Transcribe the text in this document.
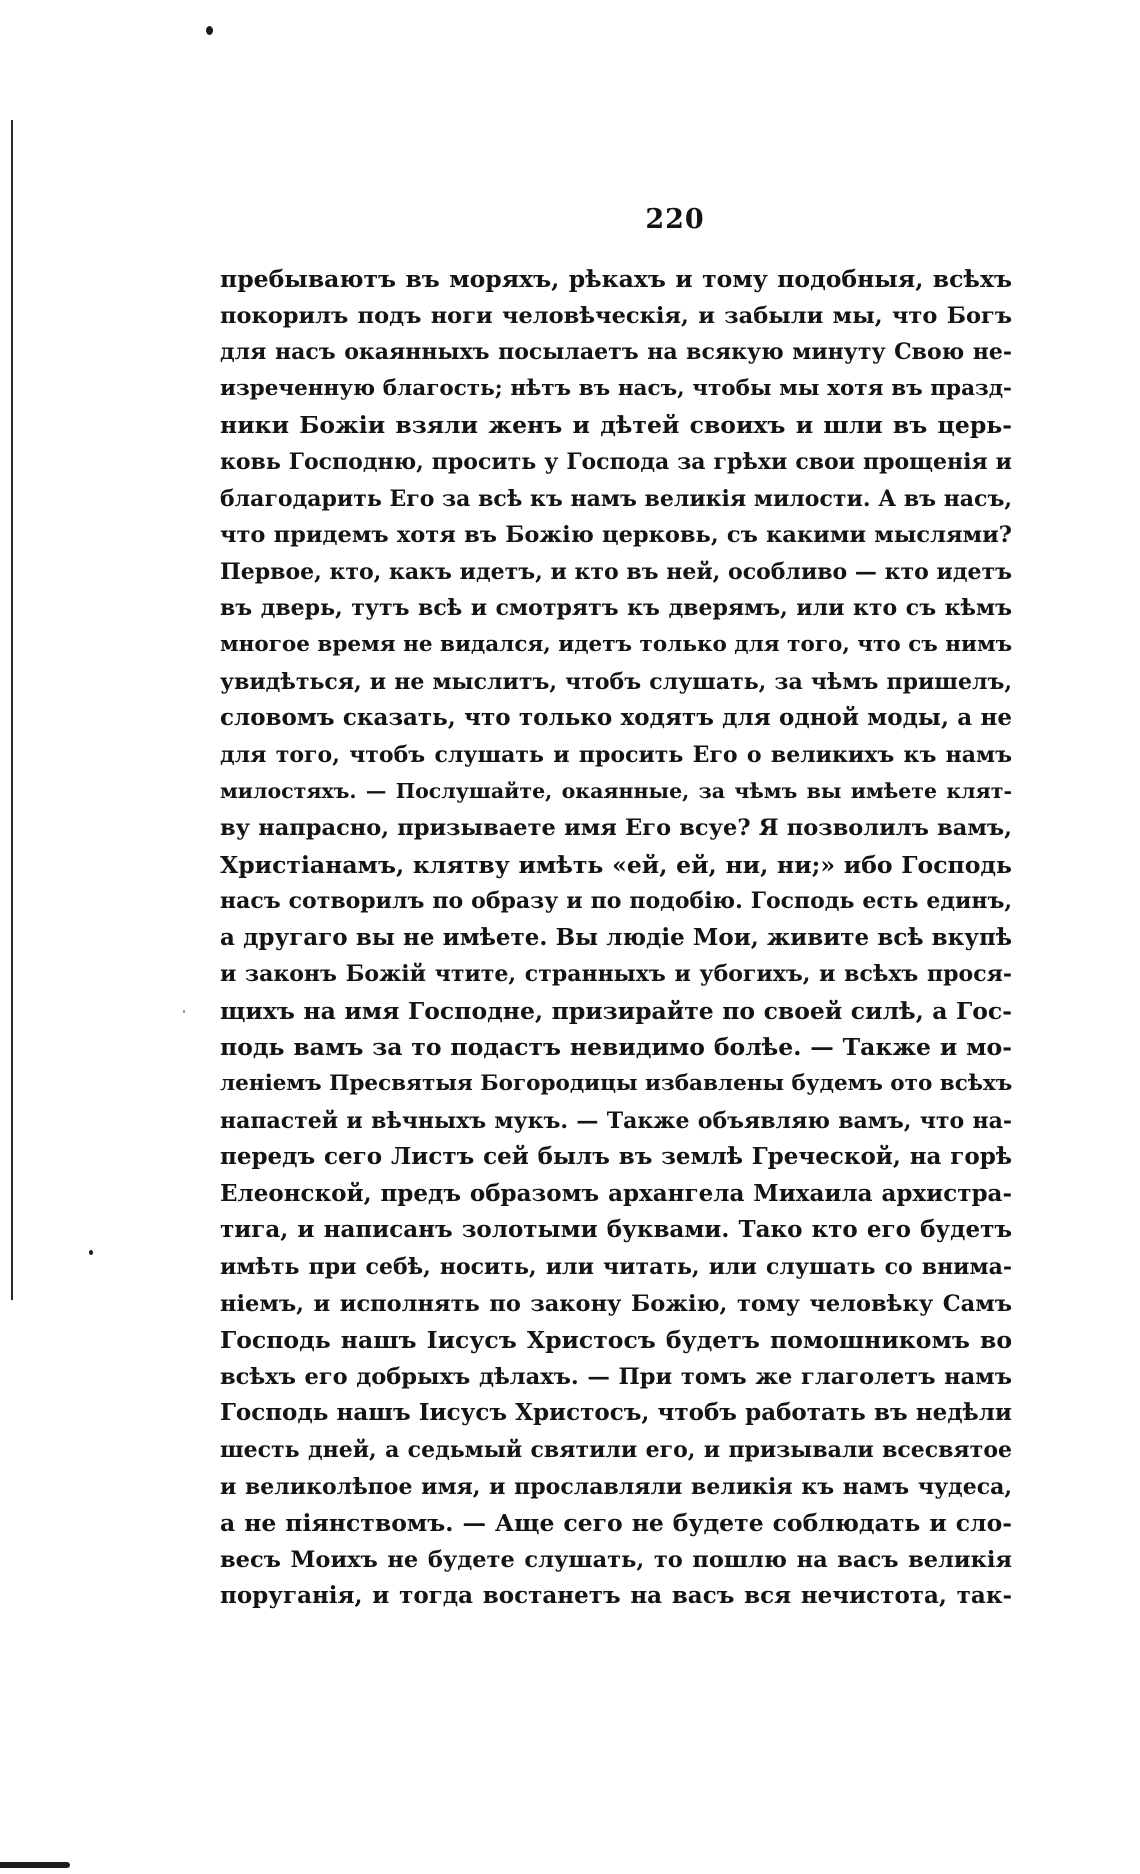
220
пребываютъ въ моряхъ, рѣкахъ и тому подобныя, всѣхъ
покорилъ подъ ноги человѣческія, и забыли мы, что Богъ
для насъ окаянныхъ посылаетъ на всякую минуту Свою не-
изреченную благость; нѣтъ въ насъ, чтобы мы хотя въ празд-
ники Божіи взяли женъ и дѣтей своихъ и шли въ цeрь-
ковь Господню, просить у Господа за грѣхи свои прощенія и
благодарить Его за всѣ къ намъ великія милости. А въ насъ,
что придемъ хотя въ Божію церковь, съ какими мыслями?
Первое, кто, какъ идетъ, и кто въ ней, особливо — кто идетъ
въ дверь, тутъ всѣ и смотрятъ къ дверямъ, или кто съ кѣмъ
многое время не видался, идетъ только для того, что съ нимъ
увидѣться, и не мыслитъ, чтобъ слушать, за чѣмъ пришелъ,
словомъ сказать, что только ходятъ для одной моды, а не
для того, чтобъ слушать и просить Его о великихъ къ намъ
милостяхъ. — Послушайте, окаянные, за чѣмъ вы имѣете клят-
ву напрасно, призываете имя Его всуе? Я позволилъ вамъ,
Христіанамъ, клятву имѣть «ей, ей, ни, ни;» ибо Господь
насъ сотворилъ по образу и по подобію. Господь есть единъ,
а другаго вы не имѣете. Вы людіе Мои, живите всѣ вкупѣ
и законъ Божій чтите, странныхъ и убогихъ, и всѣхъ прося-
щихъ на имя Господне, призирайте по своей силѣ, а Гос-
подь вамъ за то подастъ невидимо болѣе. — Также и мо-
леніемъ Пресвятыя Богородицы избавлены будемъ ото всѣхъ
напастей и вѣчныхъ мукъ. — Также объявляю вамъ, что на-
передъ сего Листъ сей былъ въ землѣ Греческой, на горѣ
Елеонской, предъ образомъ архангела Михаила архистра-
тига, и написанъ золотыми буквами. Тако кто его будетъ
имѣть при себѣ, носить, или читать, или слушать со внима-
ніемъ, и исполнять по закону Божію, тому человѣку Самъ
Господь нашъ Іисусъ Христосъ будетъ помошникомъ во
всѣхъ его добрыхъ дѣлахъ. — При томъ же глаголетъ намъ
Господь нашъ Іисусъ Христосъ, чтобъ работать въ недѣли
шесть дней, а седьмый святили его, и призывали всесвятое
и великолѣпое имя, и прославляли великія къ намъ чудеса,
а не піянствомъ. — Аще сего не будете соблюдать и сло-
весъ Моихъ не будете слушать, то пошлю на васъ великія
поруганія, и тогда востанетъ на васъ вся нечистота, так-
